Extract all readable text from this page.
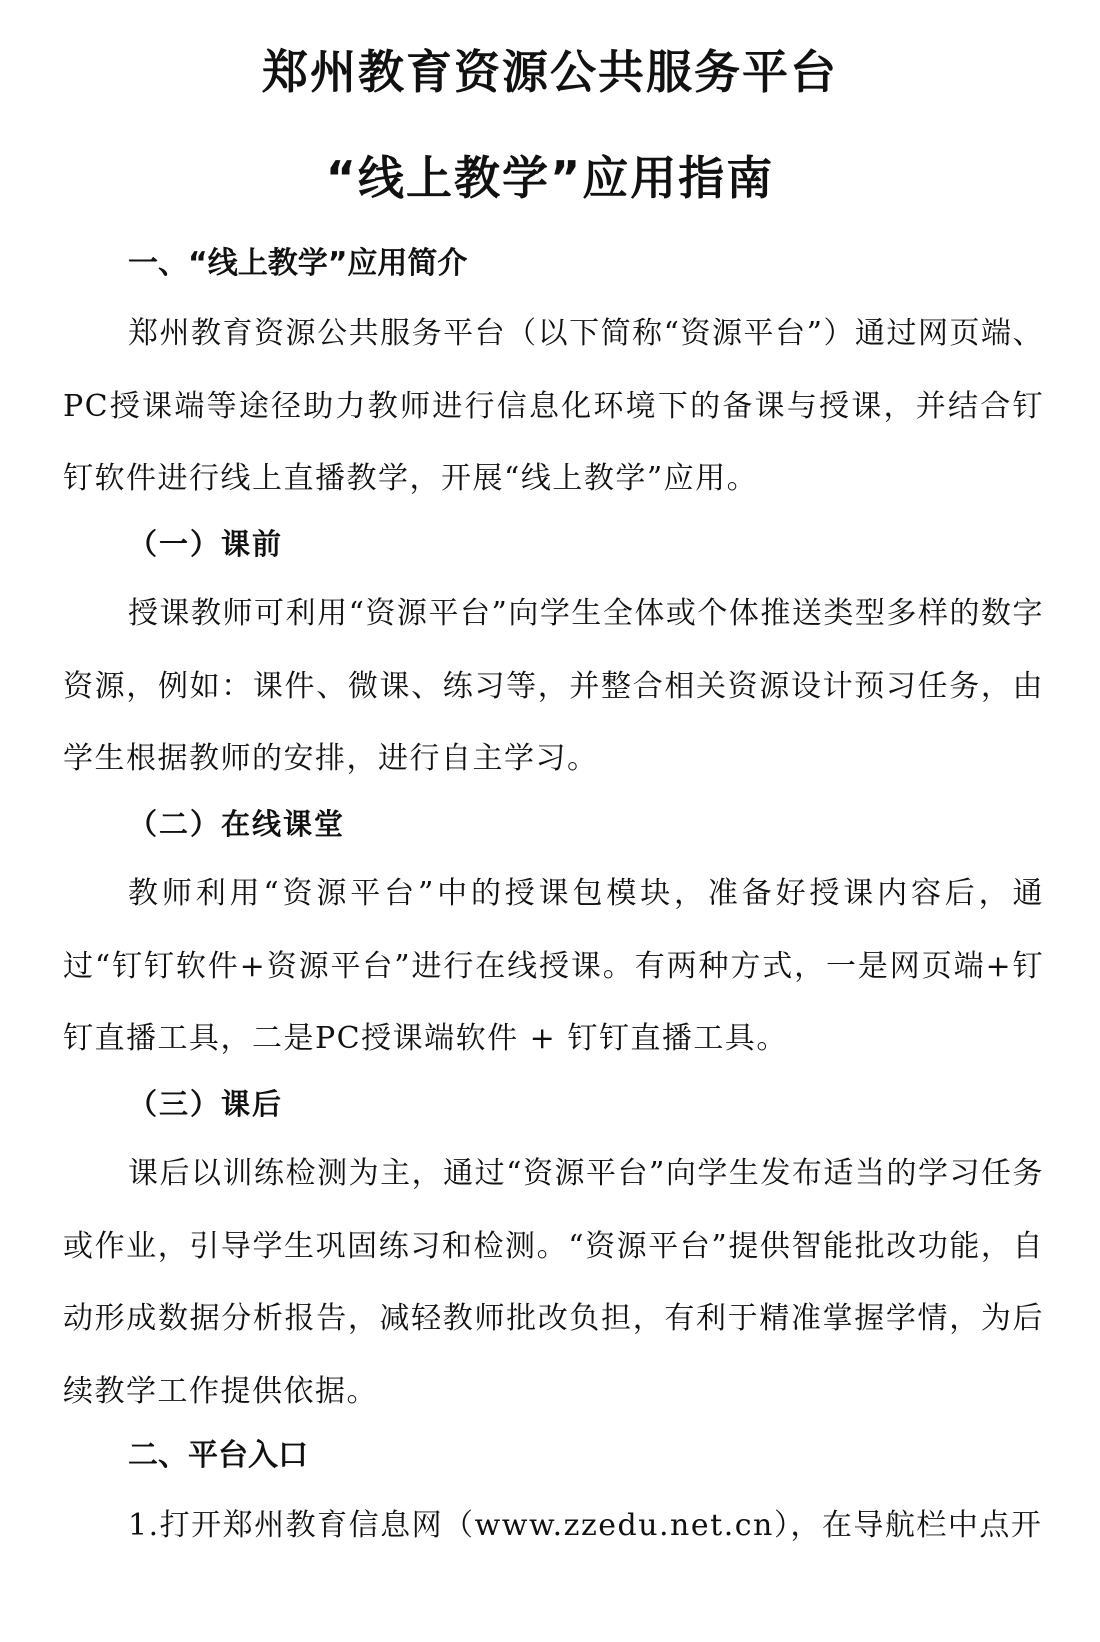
郑州教育资源公共服务平台
“线上教学”应用指南
一、“线上教学”应用简介
郑州教育资源公共服务平台（以下简称“资源平台”）通过网页端、PC授课端等途径助力教师进行信息化环境下的备课与授课，并结合钉钉软件进行线上直播教学，开展“线上教学”应用。
（一）课前
授课教师可利用“资源平台”向学生全体或个体推送类型多样的数字资源，例如：课件、微课、练习等，并整合相关资源设计预习任务，由学生根据教师的安排，进行自主学习。
（二）在线课堂
教师利用“资源平台”中的授课包模块，准备好授课内容后，通过“钉钉软件+资源平台”进行在线授课。有两种方式，一是网页端+钉钉直播工具，二是PC授课端软件 + 钉钉直播工具。
（三）课后
课后以训练检测为主，通过“资源平台”向学生发布适当的学习任务或作业，引导学生巩固练习和检测。“资源平台”提供智能批改功能，自动形成数据分析报告，减轻教师批改负担，有利于精准掌握学情，为后续教学工作提供依据。
二、平台入口
1.打开郑州教育信息网（www.zzedu.net.cn），在导航栏中点开
